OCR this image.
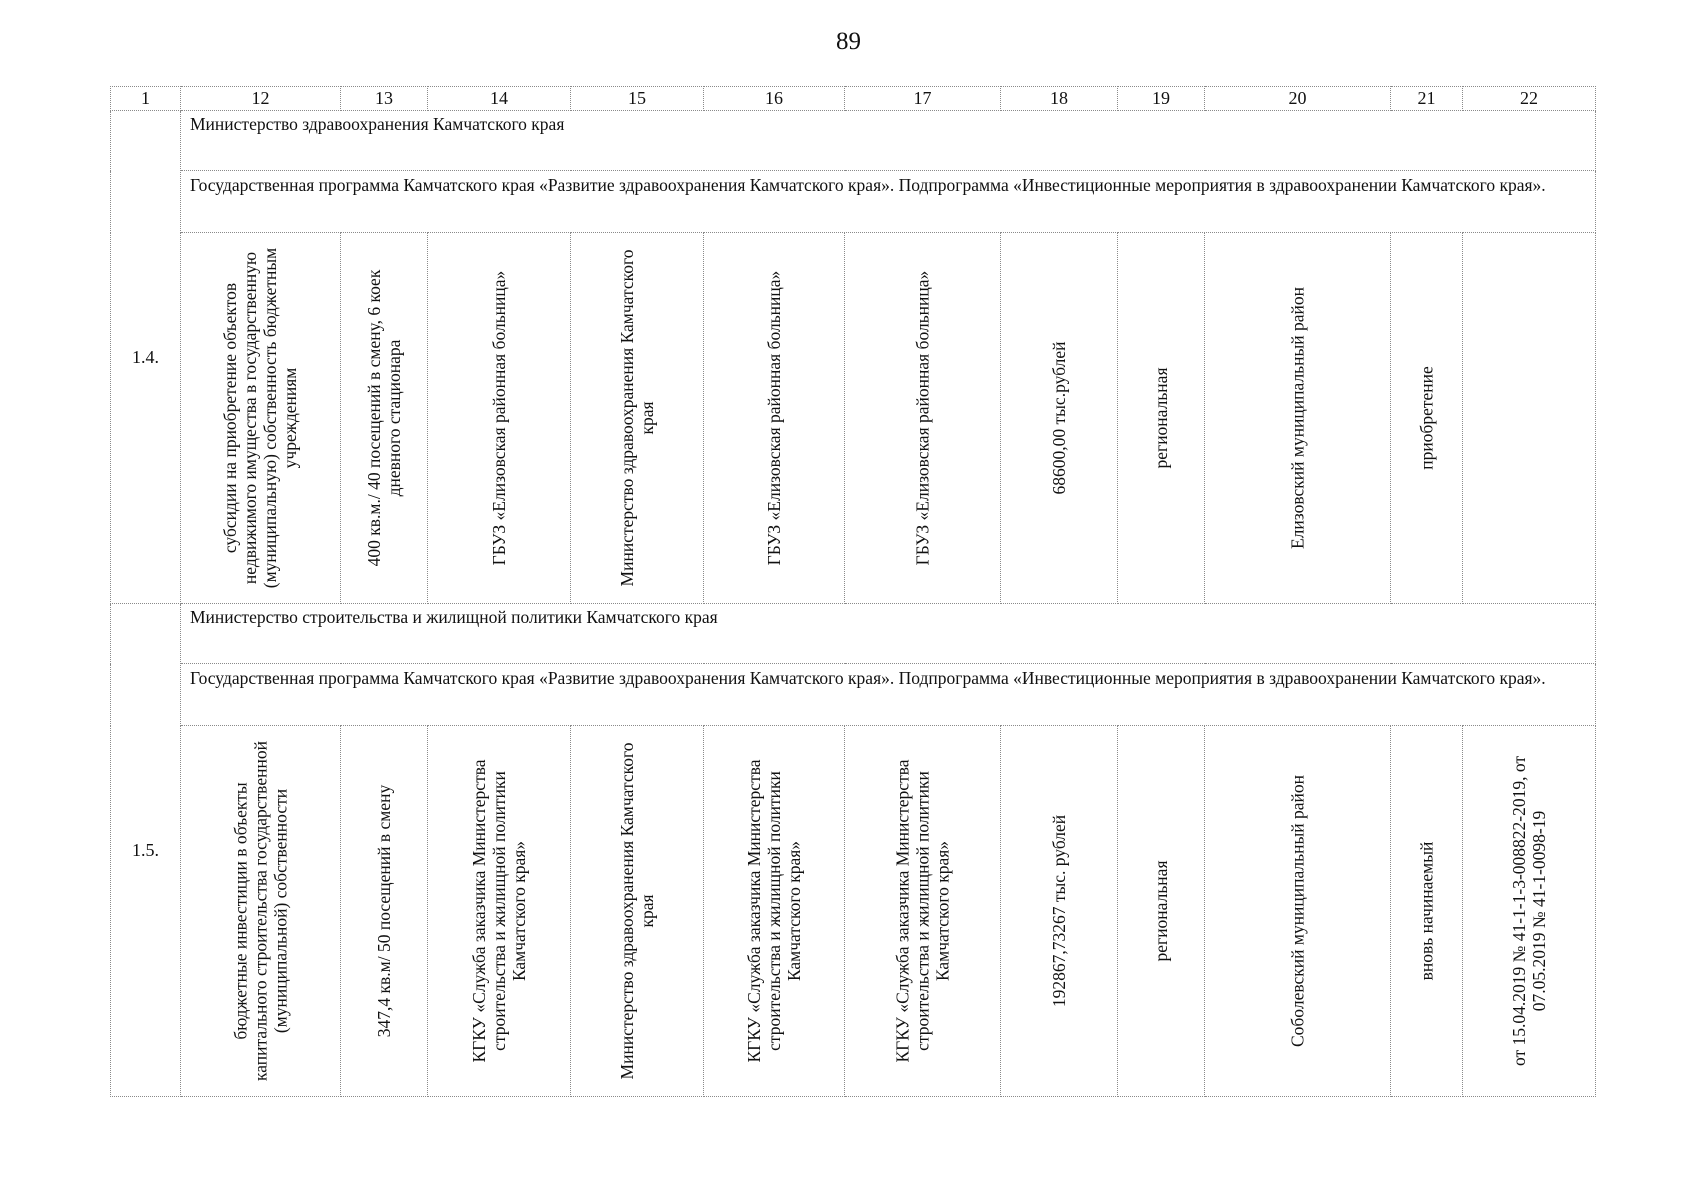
89
1	12	13	14	15	16	17	18	19	20	21	22
1.4.	Министерство здравоохранения Камчатского края										
	Государственная программа Камчатского края «Развитие здравоохранения Камчатского края». Подпрограмма «Инвестиционные мероприятия в здравоохранении Камчатского края».										

	субсидии на приобретение объектов недвижимого имущества в государственную (муниципальную) собственность бюджетным учреждениям	400 кв.м./ 40 посещений в смену, 6 коек дневного стационара	ГБУЗ «Елизовская районная больница»	Министерство здравоохранения Камчатского края	ГБУЗ «Елизовская районная больница»	ГБУЗ «Елизовская районная больница»	68600,00 тыс.рублей	региональная	Елизовский муниципальный район	приобретение	

1.5.	Министерство строительства и жилищной политики Камчатского края										
	Государственная программа Камчатского края «Развитие здравоохранения Камчатского края». Подпрограмма «Инвестиционные мероприятия в здравоохранении Камчатского края».										

	бюджетные инвестиции в объекты капитального строительства государственной (муниципальной) собственности	347,4 кв.м/ 50 посещений в смену	КГКУ «Служба заказчика Министерства строительства и жилищной политики Камчатского края»	Министерство здравоохранения Камчатского края	КГКУ «Служба заказчика Министерства строительства и жилищной политики Камчатского края»	КГКУ «Служба заказчика Министерства строительства и жилищной политики Камчатского края»	192867,73267 тыс. рублей	региональная	Соболевский муниципальный район	вновь начинаемый	от 15.04.2019 № 41-1-1-3-008822-2019, от 07.05.2019 № 41-1-0098-19
